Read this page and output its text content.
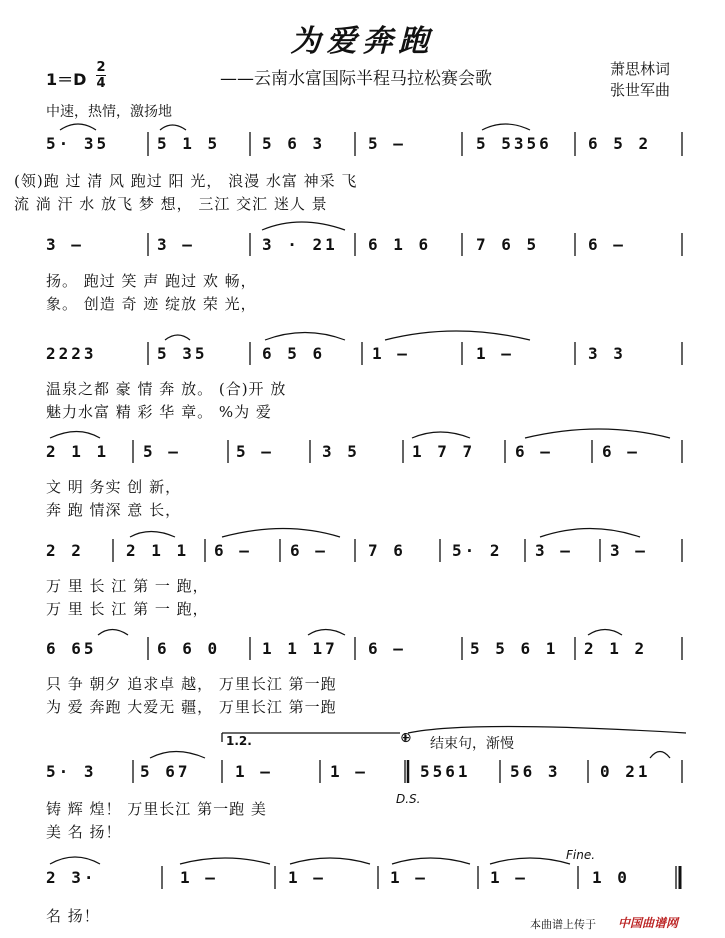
为爱奔跑
——云南水富国际半程马拉松赛会歌	萧思林词
张世军曲
1＝D
2
4
中速，热情，激扬地
5· 35	5 1 5	5 6 3	5 –	5 5356 6 5 2
(领)跑 过 清 风 跑过 阳 光， 浪漫 水富 神采 飞
流 淌 汗 水 放飞 梦 想， 三江 交汇 迷人 景
3 –	3 –	3 · 21 6 1 6	7 6 5	6 –
扬。 跑过 笑 声 跑过 欢 畅，
象。 创造 奇 迹 绽放 荣 光，
2223	5 35	6 5 6	1 –	1 –	3 3
温泉之都 豪 情 奔 放。 (合)开 放
魅力水富 精 彩 华 章。 %为 爱
2 1 1 5 –	5 –	3 5	1 7 7 6 –	6 –
文 明 务实 创 新，
奔 跑 情深 意 长，
2 2	2 1 1 6 – 6 –	7 6	5· 2 3 – 3 –
万 里 长 江 第 一 跑，
万 里 长 江 第 一 跑，
6 65	6 6 0	1 1 17 6 –	5 5 6 1 2 1 2
只 争 朝夕 追求卓 越， 万里长江 第一跑
为 爱 奔跑 大爱无 疆， 万里长江 第一跑
1.2.	⊕ 结束句，渐慢
5· 3	5 67	1 –	1 –	5561 56 3 0 21
D.S.
铸 辉 煌！ 万里长江 第一跑 美
美 名 扬！
2 3·	1 –	1 –	1 –	1 –	1 0
Fine.
名 扬！	本曲谱上传于 中国曲谱网
